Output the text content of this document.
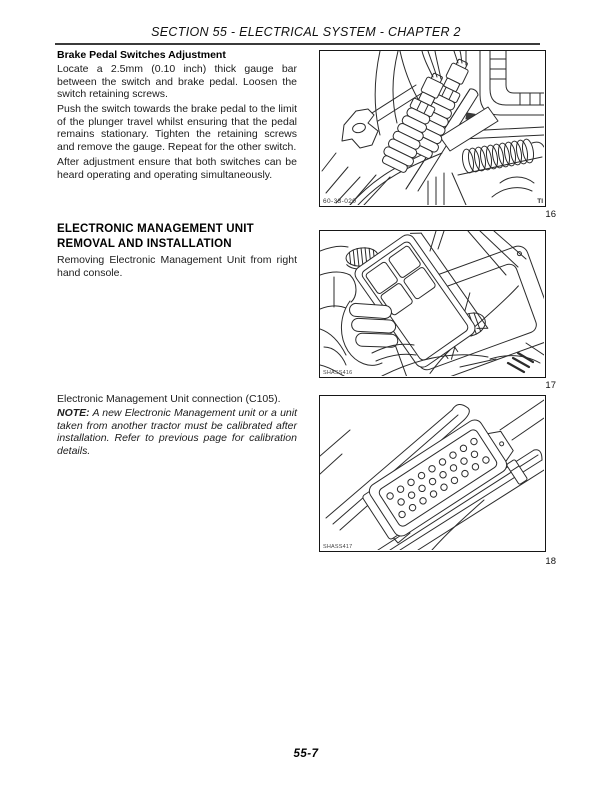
SECTION 55 - ELECTRICAL SYSTEM - CHAPTER 2
Brake Pedal Switches Adjustment
Locate a 2.5mm (0.10 inch) thick gauge bar between the switch and brake pedal. Loosen the switch retaining screws.
Push the switch towards the brake pedal to the limit of the plunger travel whilst ensuring that the pedal remains stationary. Tighten the retaining screws and remove the gauge. Repeat for the other switch.
After adjustment ensure that both switches can be heard operating and operating simultaneously.
ELECTRONIC MANAGEMENT UNIT
REMOVAL AND INSTALLATION
Removing Electronic Management Unit from right hand console.
Electronic Management Unit connection (C105).
NOTE: A new Electronic Management unit or a unit taken from another tractor must be calibrated after installation. Refer to previous page for calibration details.
60-33-020	TI
16
SHASS416
17
SHASS417
18
55-7
